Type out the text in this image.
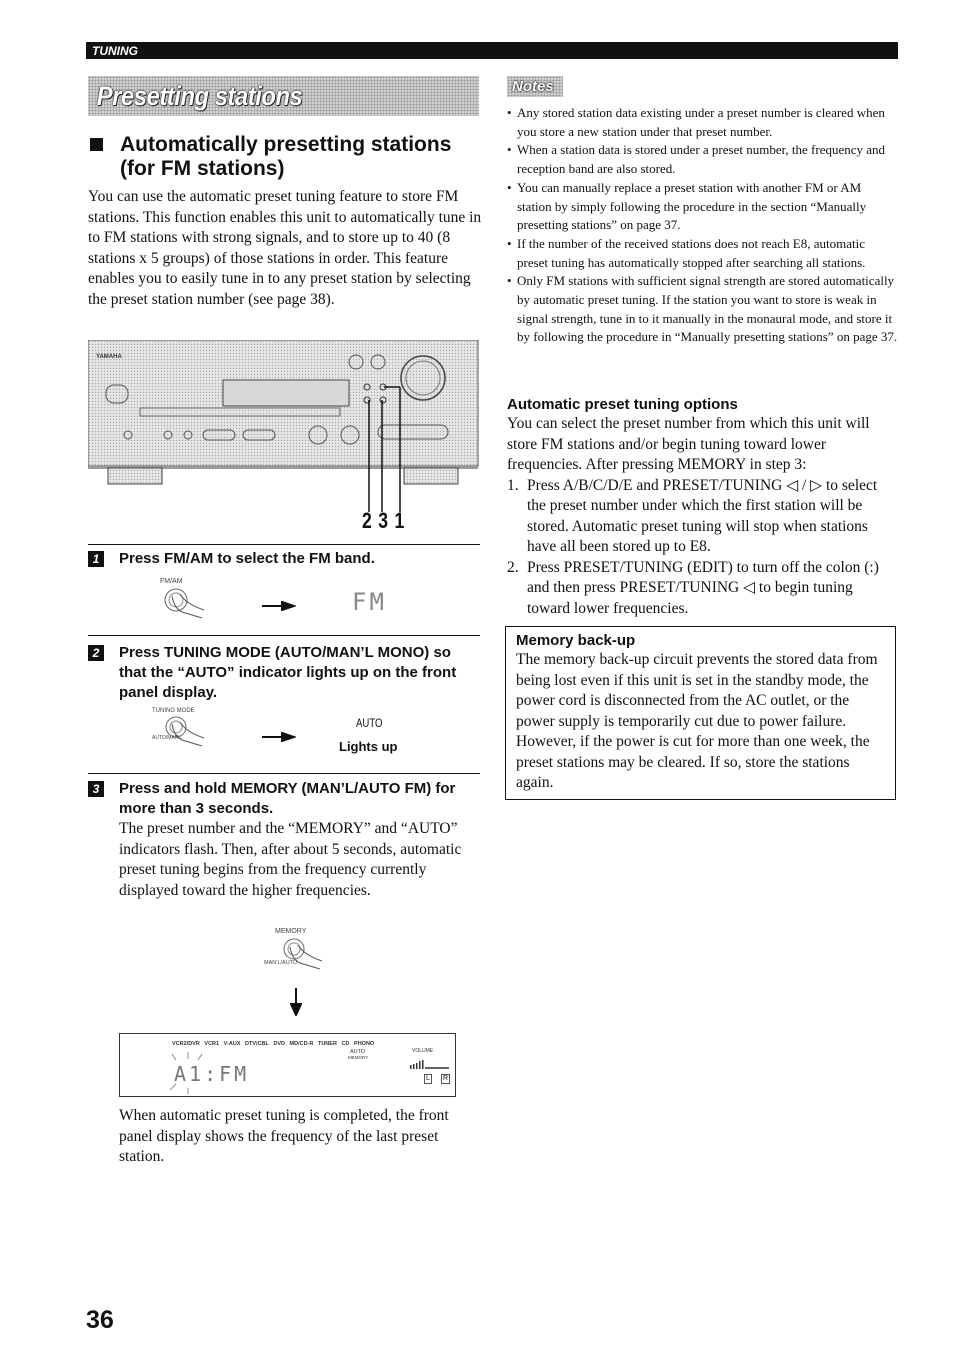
TUNING
Presetting stations
Automatically presetting stations
(for FM stations)
You can use the automatic preset tuning feature to store FM stations. This function enables this unit to automatically tune in to FM stations with strong signals, and to store up to 40 (8 stations x 5 groups) of those stations in order. This feature enables you to easily tune in to any preset station by selecting the preset station number (see page 38).
YAMAHA
2 3 1
1	Press FM/AM to select the FM band.
FM/AM
FM
2	Press TUNING MODE (AUTO/MAN’L MONO) so that the “AUTO” indicator lights up on the front panel display.
TUNING MODE
AUTO/MAN’L
AUTO
Lights up
3	Press and hold MEMORY (MAN’L/AUTO FM) for more than 3 seconds.
The preset number and the “MEMORY” and “AUTO” indicators flash. Then, after about 5 seconds, automatic preset tuning begins from the frequency currently displayed toward the higher frequencies.
MEMORY
MAN’L/AUTO
VCR2/DVR   VCR1   V-AUX   DTV/CBL   DVD   MD/CD-R   TUNER   CD   PHONO
AUTO
MEMORY
VOLUME
A1:FM	L R
When automatic preset tuning is completed, the front panel display shows the frequency of the last preset station.
Notes
• Any stored station data existing under a preset number is cleared when you store a new station under that preset number.
• When a station data is stored under a preset number, the frequency and reception band are also stored.
• You can manually replace a preset station with another FM or AM station by simply following the procedure in the section “Manually presetting stations” on page 37.
• If the number of the received stations does not reach E8, automatic preset tuning has automatically stopped after searching all stations.
• Only FM stations with sufficient signal strength are stored automatically by automatic preset tuning. If the station you want to store is weak in signal strength, tune in to it manually in the monaural mode, and store it by following the procedure in “Manually presetting stations” on page 37.
Automatic preset tuning options
You can select the preset number from which this unit will store FM stations and/or begin tuning toward lower frequencies. After pressing MEMORY in step 3:
1. Press A/B/C/D/E and PRESET/TUNING ◁ / ▷ to select the preset number under which the first station will be stored. Automatic preset tuning will stop when stations have all been stored up to E8.
2. Press PRESET/TUNING (EDIT) to turn off the colon (:) and then press PRESET/TUNING ◁ to begin tuning toward lower frequencies.
Memory back-up
The memory back-up circuit prevents the stored data from being lost even if this unit is set in the standby mode, the power cord is disconnected from the AC outlet, or the power supply is temporarily cut due to power failure. However, if the power is cut for more than one week, the preset stations may be cleared. If so, store the stations again.
36
